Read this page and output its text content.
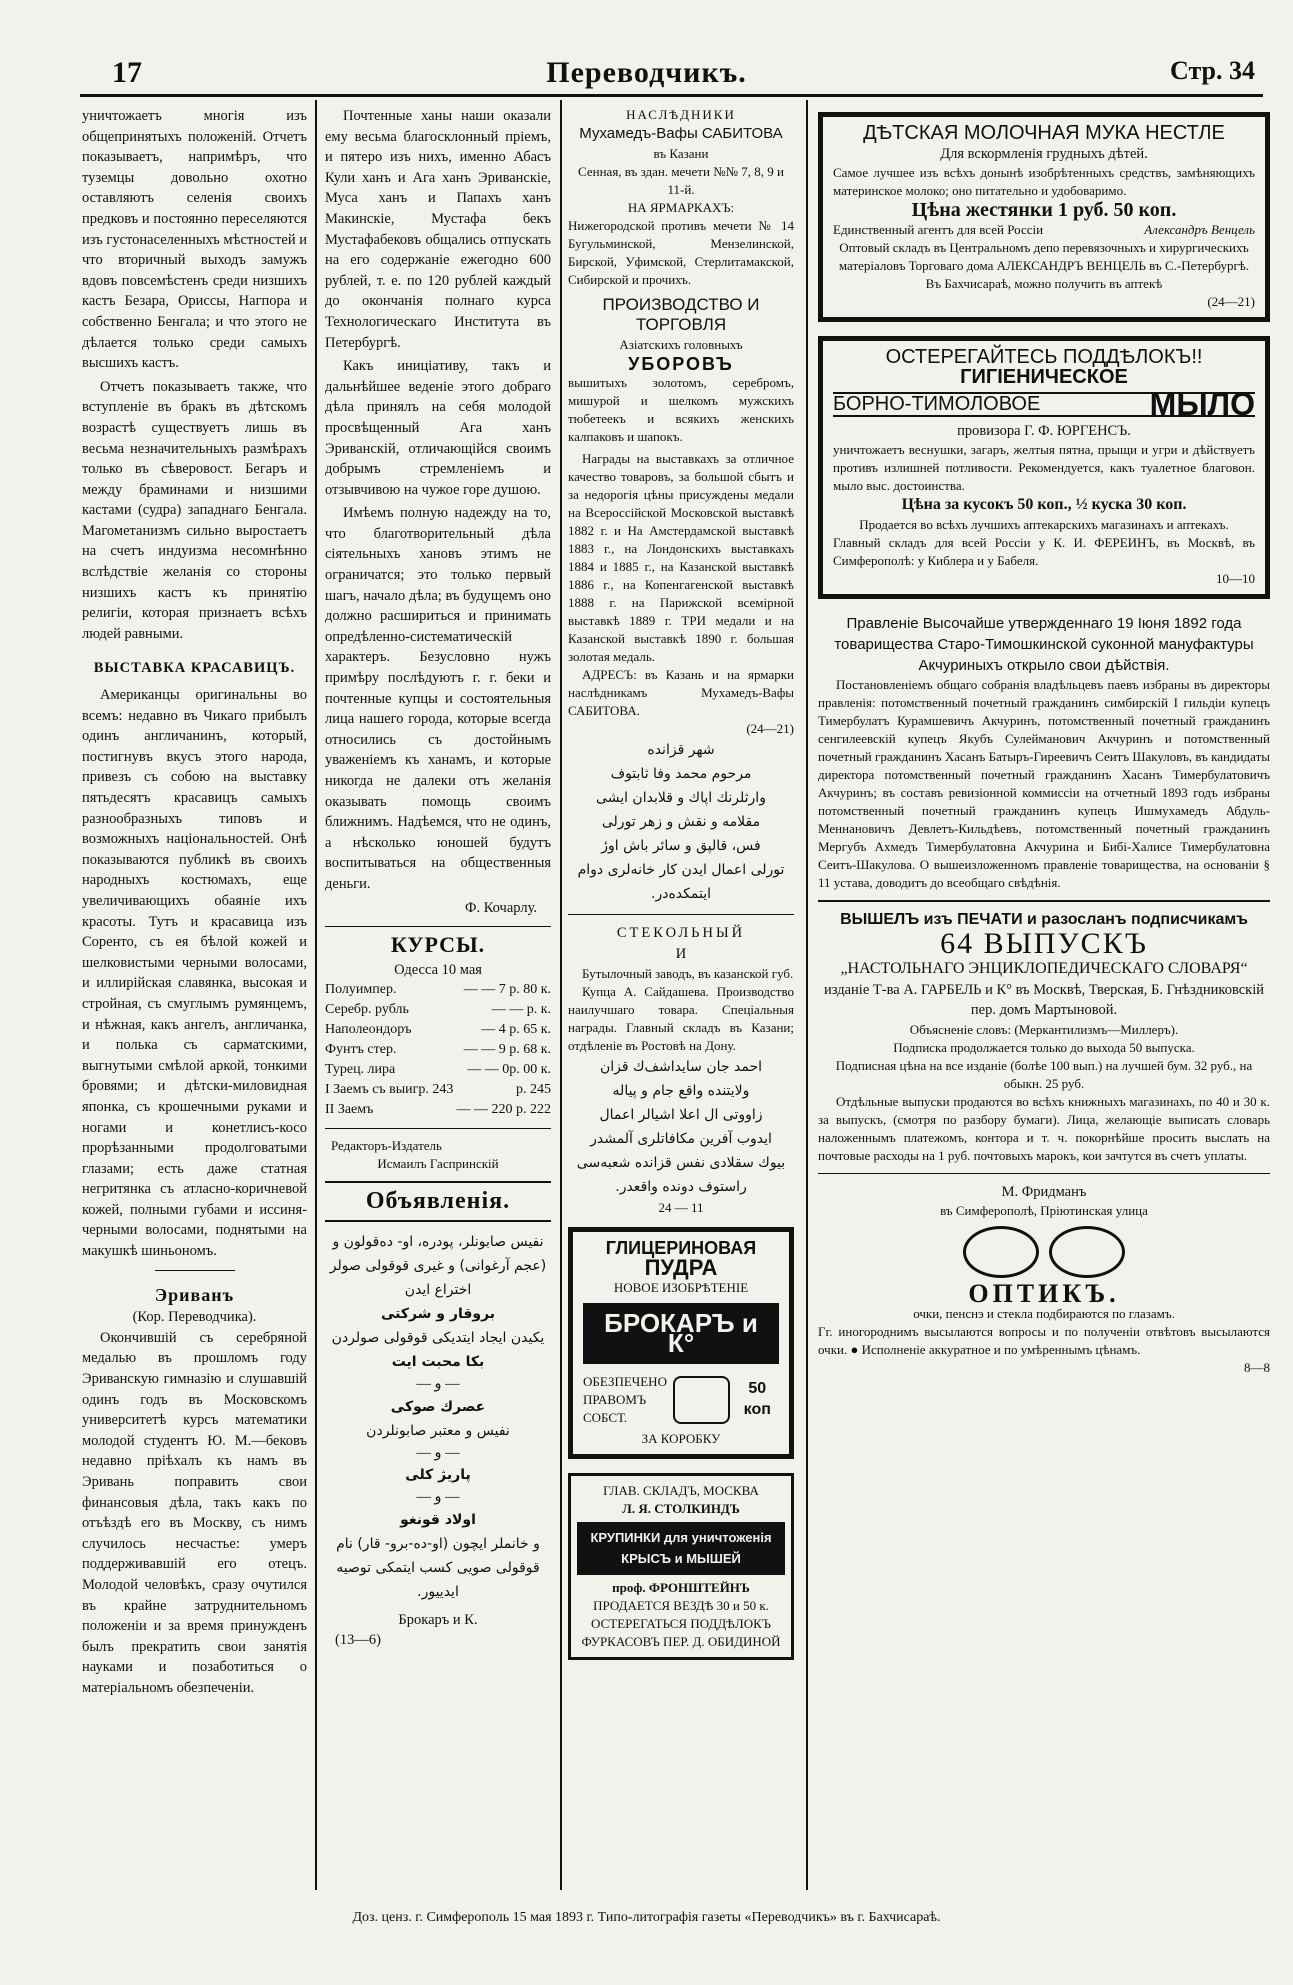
17	Переводчикъ.	Стр. 34

уничтожаетъ многія изъ общепринятыхъ положеній. Отчетъ показываетъ, напримѣръ, что туземцы довольно охотно оставляютъ селенія своихъ предковъ и постоянно переселяются изъ густонаселенныхъ мѣстностей и что вторичный выходъ замужъ вдовъ повсемѣстенъ среди низшихъ кастъ Безара, Ориссы, Нагпора и собственно Бенгала; и что этого не дѣлается только среди самыхъ высшихъ кастъ.

Отчетъ показываетъ также, что вступленіе въ бракъ въ дѣтскомъ возрастѣ существуетъ лишь въ весьма незначительныхъ размѣрахъ только въ сѣверовост. Бегаръ и между браминами и низшими кастами (судра) западнаго Бенгала. Магометанизмъ сильно выростаетъ на счетъ индуизма несомнѣнно вслѣдствіе желанія со стороны низшихъ кастъ къ принятію религіи, которая признаетъ всѣхъ людей равными.

ВЫСТАВКА КРАСАВИЦЪ.

Американцы оригинальны во всемъ: недавно въ Чикаго прибылъ одинъ англичанинъ, который, постигнувъ вкусъ этого народа, привезъ съ собою на выставку пятьдесятъ красавицъ самыхъ разнообразныхъ типовъ и возможныхъ національностей. Онѣ показываются публикѣ въ своихъ народныхъ костюмахъ, еще увеличивающихъ обаяніе ихъ красоты. Тутъ и красавица изъ Соренто, съ ея бѣлой кожей и шелковистыми черными волосами, и иллирійская славянка, высокая и стройная, съ смуглымъ румянцемъ, и нѣжная, какъ ангелъ, англичанка, и полька съ сарматскими, выгнутыми смѣлой аркой, тонкими бровями; и дѣтски-миловидная японка, съ крошечными руками и ногами и конетлисъ-косо прорѣзанными продолговатыми глазами; есть даже статная негритянка съ атласно-коричневой кожей, полными губами и иссиня-черными волосами, поднятыми на макушкѣ шиньономъ.

Эриванъ
(Кор. Переводчика).

Окончившій съ серебряной медалью въ прошломъ году Эриванскую гимназію и слушавшій одинъ годъ въ Московскомъ университетѣ курсъ математики молодой студентъ Ю. М.—бековъ недавно пріѣхалъ къ намъ въ Эривань поправить свои финансовыя дѣла, такъ какъ по отъѣздѣ его въ Москву, съ нимъ случилось несчастье: умеръ поддерживавшій его отецъ. Молодой человѣкъ, сразу очутился въ крайне затруднительномъ положеніи и за время принужденъ былъ прекратить свои занятія науками и позаботиться о матеріальномъ обезпеченіи.

Почтенные ханы наши оказали ему весьма благосклонный пріемъ, и пятеро изъ нихъ, именно Абасъ Кули ханъ и Ага ханъ Эриванскіе, Муса ханъ и Папахъ ханъ Макинскіе, Мустафа бекъ Мустафабековъ общались отпускать на его содержаніе ежегодно 600 рублей, т. е. по 120 рублей каждый до окончанія полнаго курса Технологическаго Института въ Петербургѣ.

Какъ иниціативу, такъ и дальнѣйшее веденіе этого добраго дѣла принялъ на себя молодой просвѣщенный Ага ханъ Эриванскій, отличающійся своимъ добрымъ стремленіемъ и отзывчивою на чужое горе душою.

Имѣемъ полную надежду на то, что благотворительный дѣла сіятельныхъ хановъ этимъ не ограничатся; это только первый шагъ, начало дѣла; въ будущемъ оно должно расшириться и принимать опредѣленно-систематическій характеръ. Безусловно нужъ примѣру послѣдуютъ г. г. беки и почтенные купцы и состоятельныя лица нашего города, которые всегда относились съ достойнымъ уваженіемъ къ ханамъ, и которые никогда не далеки отъ желанія оказывать помощь своимъ ближнимъ. Надѣемся, что не одинъ, а нѣсколько юношей будутъ воспитываться на общественныя деньги.

Ф. Кочарлу.
КУРСЫ.
Одесса 10 мая
Полуимпер.	— — 7 р. 80 к.
Серебр. рубль	— — р. к.
Наполеондоръ	— 4 р. 65 к.
Фунтъ стер.	— — 9 р. 68 к.
Турец. лира	— — 0р. 00 к.
I Заемъ съ выигр. 243	р. 245
II Заемъ	— — 220 р. 222
Редакторъ-Издатель
Исмаилъ Гаспринскій
Объявленія.
نفیس صابونلر، پودره، او- دە‌قولون و (عجم آرغوانی) و غیری قوقولی صولر اختراع ایدن
بروقار و شرکتی
یکیدن ایجاد ایتدیکی قوقولی صولردن
بکا محبت ایت
— و —
عصرك صوکی
نفیس و معتبر صابونلردن
— و —
پاریژ کلی
— و —
اولاد قونغو
و خانملر ایچون (او-دە-برو- قار) نام قوقولی صویی کسب ایتمکی توصیه ایدییور.
Брокаръ и К.
(13—6)
НАСЛѢДНИКИ
Мухамедъ-Вафы САБИТОВА
въ Казани
Сенная, въ здан. мечети №№ 7, 8, 9 и 11-й.
НА ЯРМАРКАХЪ:
Нижегородской противъ мечети № 14 Бугульминской, Мензелинской, Бирской, Уфимской, Стерлитамакской, Сибирской и прочихъ.
ПРОИЗВОДСТВО И ТОРГОВЛЯ
Азіатскихъ головныхъ
УБОРОВЪ
вышитыхъ золотомъ, серебромъ, мишурой и шелкомъ мужскихъ тюбетеекъ и всякихъ женскихъ калпаковъ и шапокъ.
Награды на выставкахъ за отличное качество товаровъ, за большой сбытъ и за недорогія цѣны присуждены медали на Всероссійской Московской выставкѣ 1882 г. и На Амстердамской выставкѣ 1883 г., на Лондонскихъ выставкахъ 1884 и 1885 г., на Казанской выставкѣ 1886 г., на Копенгагенской выставкѣ 1888 г. на Парижской всемірной выставкѣ 1889 г. ТРИ медали и на Казанской выставкѣ 1890 г. большая золотая медаль.
АДРЕСЪ: въ Казань и на ярмарки наслѣдникамъ Мухамедъ-Вафы САБИТОВА.
(24—21)
شهر قزانده
مرحوم محمد وفا ثابتوف
وارثلرنك اپاك و قلابدان ایشی
مقلامه و نقش و زهر تورلی
فس، قالپق و سائر باش اورٔ
تورلی اعمال ایدن کار خانه‌لری دوام ایتمکده‌در.
СТЕКОЛЬНЫЙ
И
Бутылочный заводъ, въ казанской губ.
Купца А. Сайдашева. Производство наилучшаго товара. Спеціальныя награды. Главный складъ въ Казани; отдѣленіе въ Ростовѣ на Дону.
احمد جان سایداشف‌ك قزان
ولایتنده واقع جام و پیاله
زاووتی ال اعلا اشیالر اعمال
ایدوب آفرین مکافاتلری آلمشدر
بیوك سقلادی نفس قزانده شعبه‌سی راستوف دونده واقعدر.
24 — 11
ГЛИЦЕРИНОВАЯ
ПУДРА
НОВОЕ ИЗОБРѢТЕНІЕ
БРОКАРЪ и К°
ОБЕЗПЕЧЕНО ПРАВОМЪ СОБСТ.
50 коп
ЗА КОРОБКУ
ГЛАВ. СКЛАДЪ, МОСКВА
Л. Я. СТОЛКИНДЪ
КРУПИНКИ для уничтоженія КРЫСЪ и МЫШЕЙ
проф. ФРОНШТЕЙНЪ
ПРОДАЕТСЯ ВЕЗДѢ 30 и 50 к.
ОСТЕРЕГАТЬСЯ ПОДДѢЛОКЪ
ФУРКАСОВЪ ПЕР. Д. ОБИДИНОЙ
ДѢТСКАЯ МОЛОЧНАЯ МУКА НЕСТЛЕ
Для вскормленія грудныхъ дѣтей.
Самое лучшее изъ всѣхъ донынѣ изобрѣтенныхъ средствъ, замѣняющихъ материнское молоко; оно питательно и удобоваримо.
Цѣна жестянки 1 руб. 50 коп.
Единственный агентъ для всей Россіи	Александръ Венцель
Оптовый складъ въ Центральномъ депо перевязочныхъ и хирургическихъ матеріаловъ Торговаго дома АЛЕКСАНДРЪ ВЕНЦЕЛЬ въ С.-Петербургѣ.
Въ Бахчисараѣ, можно получить въ аптекѣ
(24—21)
ОСТЕРЕГАЙТЕСЬ ПОДДѢЛОКЪ!!
ГИГІЕНИЧЕСКОЕ
БОРНО-ТИМОЛОВОЕ	МЫЛО
провизора Г. Ф. ЮРГЕНСЪ.
уничтожаетъ веснушки, загаръ, желтыя пятна, прыщи и угри и дѣйствуетъ противъ излишней потливости. Рекомендуется, какъ туалетное благовон. мыло выс. достоинства.
Цѣна за кусокъ 50 коп., ½ куска 30 коп.
Продается во всѣхъ лучшихъ аптекарскихъ магазинахъ и аптекахъ.
Главный складъ для всей Россіи у К. И. ФЕРЕИНЪ, въ Москвѣ, въ Симферополѣ: у Киблера и у Бабеля.
10—10
Правленіе Высочайше утвержденнаго 19 Іюня 1892 года товарищества Старо-Тимошкинской суконной мануфактуры Акчуриныхъ открыло свои дѣйствія.

Постановленіемъ общаго собранія владѣльцевъ паевъ избраны въ директоры правленія: потомственный почетный гражданинъ симбирскій I гильдіи купецъ Тимербулатъ Курамшевичъ Акчуринъ, потомственный почетный гражданинъ сенгилеевскій купецъ Якубъ Сулейманович Акчуринъ и потомственный почетный гражданинъ Хасанъ Батыръ-Гиреевичъ Сеитъ Шакуловъ, въ кандидаты директора потомственный почетный гражданинъ Хасанъ Тимербулатовичъ Акчуринъ; въ составъ ревизіонной коммиссіи на отчетный 1893 годъ избраны потомственный почетный гражданинъ купецъ Ишмухамедъ Абдуль-Меннановичъ Девлетъ-Кильдѣевъ, потомственный почетный гражданинъ Мергубъ Ахмедъ Тимербулатовна Акчурина и Бибі-Халисе Тимербулатовна Сеитъ-Шакулова. О вышеизложенномъ правленіе товарищества, на основаніи § 11 устава, доводитъ до всеобщаго свѣдѣнія.

ВЫШЕЛЪ изъ ПЕЧАТИ и разосланъ подписчикамъ
64 ВЫПУСКЪ
„НАСТОЛЬНАГО ЭНЦИКЛОПЕДИЧЕСКАГО СЛОВАРЯ“
изданіе Т-ва А. ГАРБЕЛЬ и К° въ Москвѣ, Тверская, Б. Гнѣздниковскій пер. домъ Мартыновой.
Объясненіе словъ: (Меркантилизмъ—Миллеръ).
Подписка продолжается только до выхода 50 выпуска.
Подписная цѣна на все изданіе (болѣе 100 вып.) на лучшей бум. 32 руб., на обыкн. 25 руб.

Отдѣльные выпуски продаются во всѣхъ книжныхъ магазинахъ, по 40 и 30 к. за выпускъ, (смотря по разбору бумаги). Лица, желающіе выписать словарь наложеннымъ платежомъ, контора и т. ч. покорнѣйше просить выслать на почтовые расходы на 1 руб. почтовыхъ марокъ, кои зачтутся въ счетъ уплаты.

М. Фридманъ
въ Симферополѣ, Пріютинская улица
ОПТИКЪ.
очки, пенснэ и стекла подбираются по глазамъ.
Гг. иногороднимъ высылаются вопросы и по полученіи отвѣтовъ высылаются очки. ● Исполненіе аккуратное и по умѣреннымъ цѣнамъ.
8—8
Доз. ценз. г. Симферополь 15 мая 1893 г. Типо-литографія газеты «Переводчикъ» въ г. Бахчисараѣ.
